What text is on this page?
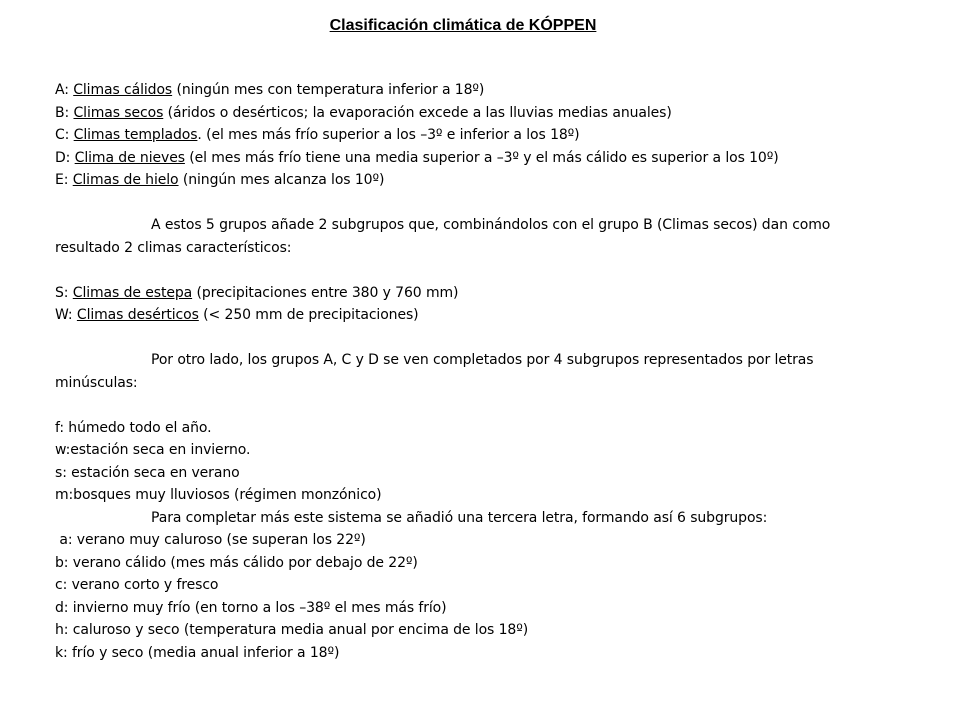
Clasificación climática de KÓPPEN
A: Climas cálidos (ningún mes con temperatura inferior a 18º)
B: Climas secos (áridos o desérticos; la evaporación excede a las lluvias medias anuales)
C: Climas templados. (el mes más frío superior a los –3º e inferior a los 18º)
D: Clima de nieves (el mes más frío tiene una media superior a –3º y el más cálido es superior a los 10º)
E: Climas de hielo (ningún mes alcanza los 10º)
A estos 5 grupos añade 2 subgrupos que, combinándolos con el grupo B (Climas secos) dan como
resultado 2 climas característicos:
S: Climas de estepa (precipitaciones entre 380 y 760 mm)
W: Climas desérticos (< 250 mm de precipitaciones)
Por otro lado, los grupos A, C y D se ven completados por 4 subgrupos representados por letras
minúsculas:
f: húmedo todo el año.
w:estación seca en invierno.
s: estación seca en verano
m:bosques muy lluviosos (régimen monzónico)
Para completar más este sistema se añadió una tercera letra, formando así 6 subgrupos:
a: verano muy caluroso (se superan los 22º)
b: verano cálido (mes más cálido por debajo de 22º)
c: verano corto y fresco
d: invierno muy frío (en torno a los –38º el mes más frío)
h: caluroso y seco (temperatura media anual por encima de los 18º)
k: frío y seco (media anual inferior a 18º)
